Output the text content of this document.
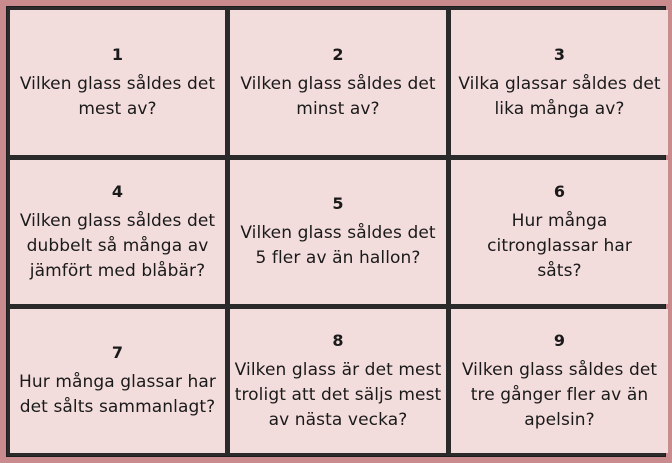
1
Vilken glass såldes det mest av?
2
Vilken glass såldes det minst av?
3
Vilka glassar såldes det lika många av?
4
Vilken glass såldes det dubbelt så många av jämfört med blåbär?
5
Vilken glass såldes det 5 fler av än hallon?
6
Hur många citronglassar har såts?
7
Hur många glassar har det sålts sammanlagt?
8
Vilken glass är det mest troligt att det säljs mest av nästa vecka?
9
Vilken glass såldes det tre gånger fler av än apelsin?
